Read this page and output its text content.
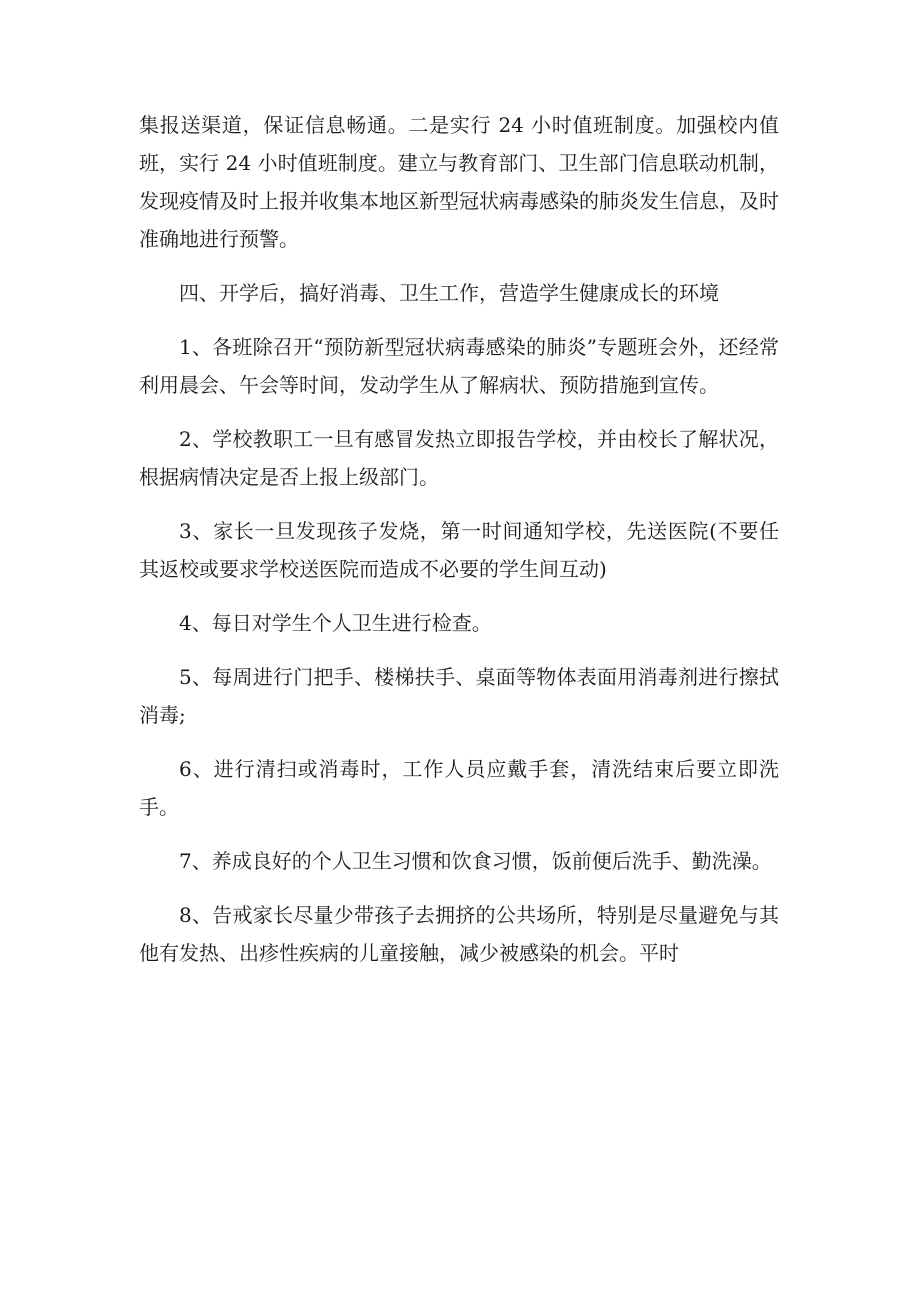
集报送渠道，保证信息畅通。二是实行 24 小时值班制度。加强校内值班，实行 24 小时值班制度。建立与教育部门、卫生部门信息联动机制，发现疫情及时上报并收集本地区新型冠状病毒感染的肺炎发生信息，及时准确地进行预警。

四、开学后，搞好消毒、卫生工作，营造学生健康成长的环境

1、各班除召开“预防新型冠状病毒感染的肺炎”专题班会外，还经常利用晨会、午会等时间，发动学生从了解病状、预防措施到宣传。

2、学校教职工一旦有感冒发热立即报告学校，并由校长了解状况，根据病情决定是否上报上级部门。

3、家长一旦发现孩子发烧，第一时间通知学校，先送医院(不要任其返校或要求学校送医院而造成不必要的学生间互动)

4、每日对学生个人卫生进行检查。

5、每周进行门把手、楼梯扶手、桌面等物体表面用消毒剂进行擦拭消毒;

6、进行清扫或消毒时，工作人员应戴手套，清洗结束后要立即洗手。

7、养成良好的个人卫生习惯和饮食习惯，饭前便后洗手、勤洗澡。

8、告戒家长尽量少带孩子去拥挤的公共场所，特别是尽量避免与其他有发热、出疹性疾病的儿童接触，减少被感染的机会。平时
